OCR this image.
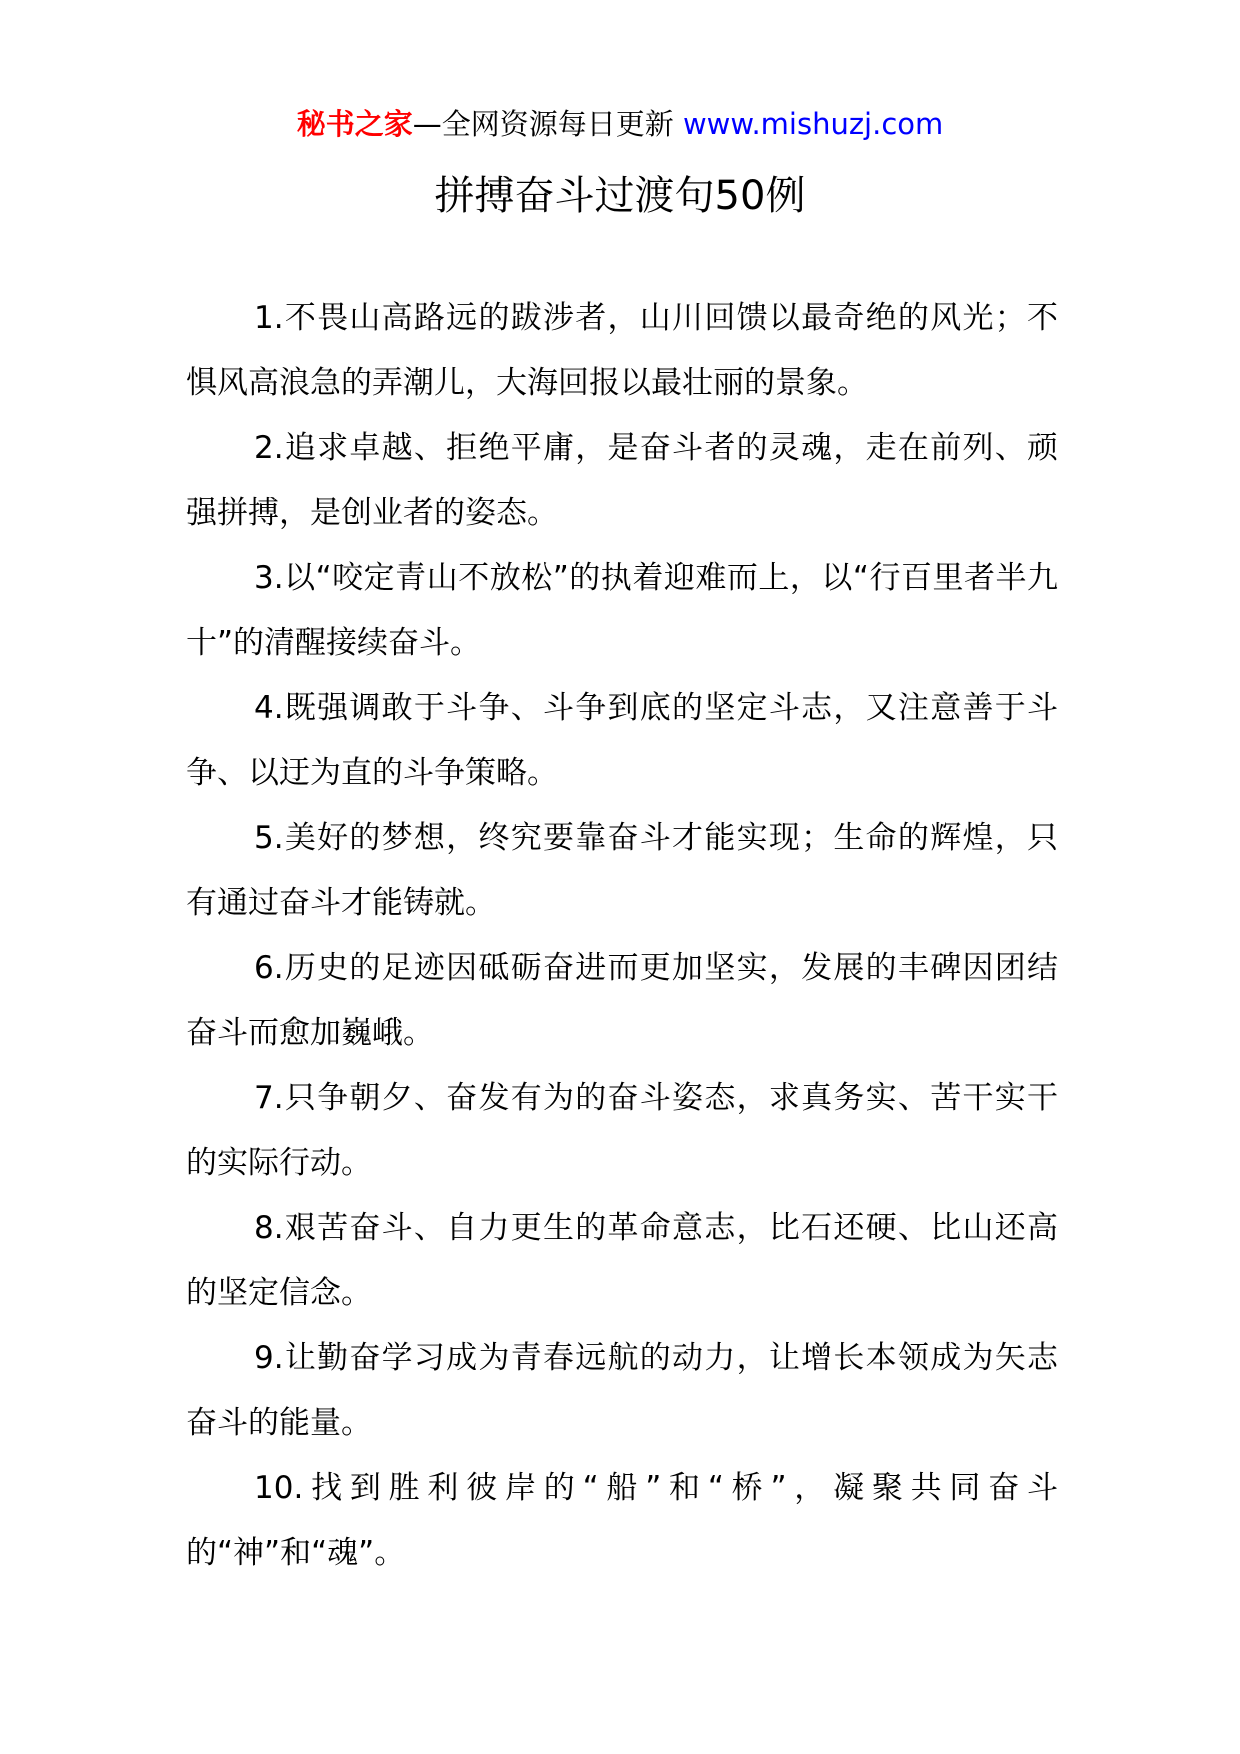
秘书之家—全网资源每日更新 www.mishuzj.com
拼搏奋斗过渡句50例

1.不畏山高路远的跋涉者，山川回馈以最奇绝的风光；不惧风高浪急的弄潮儿，大海回报以最壮丽的景象。

2.追求卓越、拒绝平庸，是奋斗者的灵魂，走在前列、顽强拼搏，是创业者的姿态。

3.以“咬定青山不放松”的执着迎难而上，以“行百里者半九十”的清醒接续奋斗。

4.既强调敢于斗争、斗争到底的坚定斗志，又注意善于斗争、以迂为直的斗争策略。

5.美好的梦想，终究要靠奋斗才能实现；生命的辉煌，只有通过奋斗才能铸就。

6.历史的足迹因砥砺奋进而更加坚实，发展的丰碑因团结奋斗而愈加巍峨。

7.只争朝夕、奋发有为的奋斗姿态，求真务实、苦干实干的实际行动。

8.艰苦奋斗、自力更生的革命意志，比石还硬、比山还高的坚定信念。

9.让勤奋学习成为青春远航的动力，让增长本领成为矢志奋斗的能量。

10.找到胜利彼岸的“船”和“桥”，凝聚共同奋斗的“神”和“魂”。
